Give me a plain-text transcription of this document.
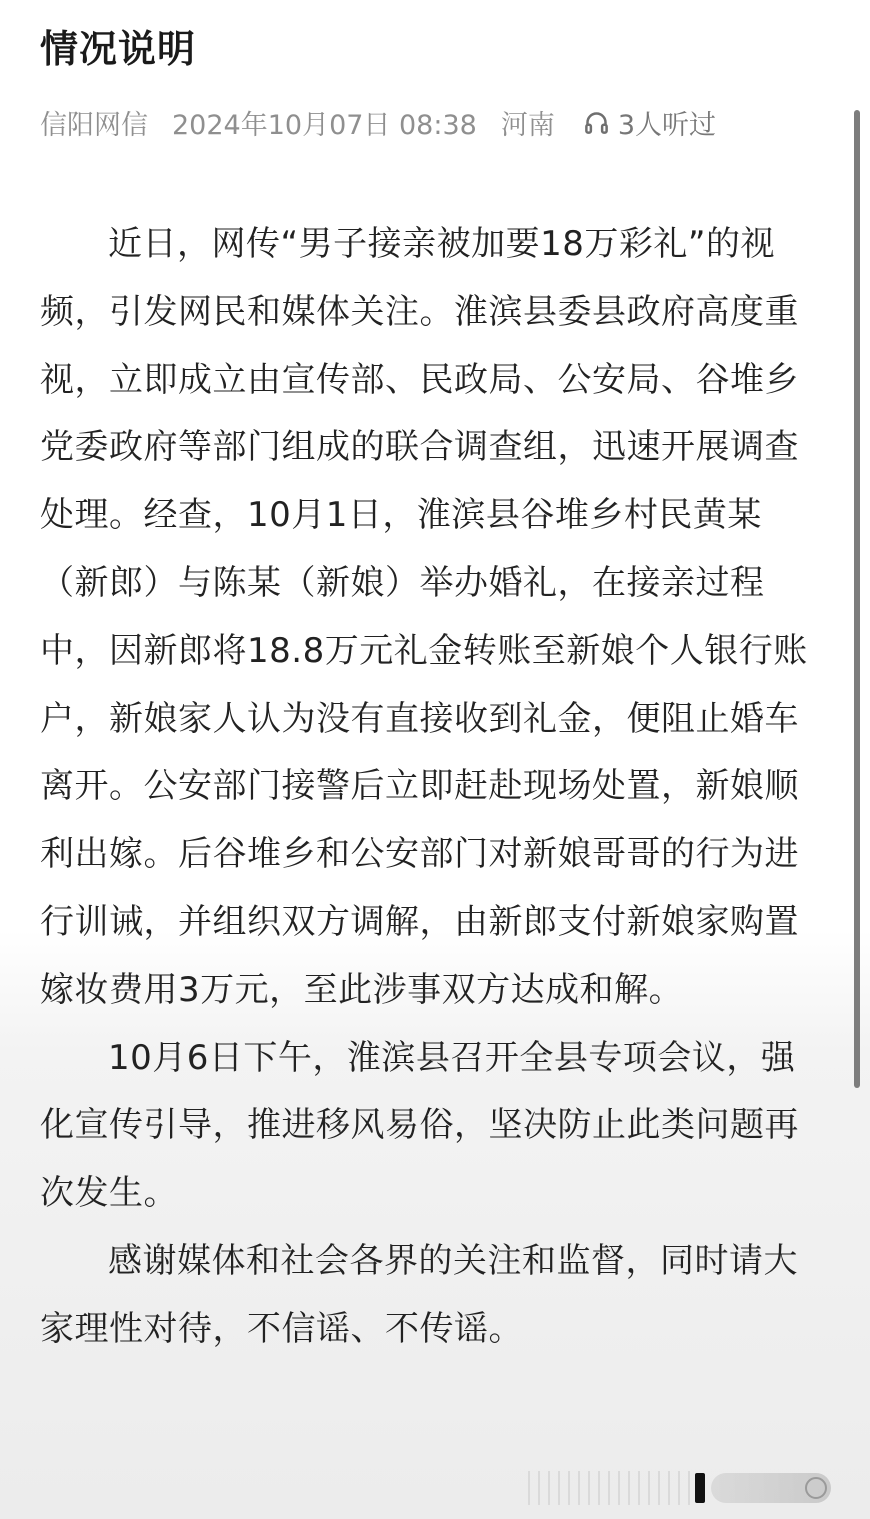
情况说明
信阳网信 2024年10月07日 08:38 河南 3人听过

近日，网传“男子接亲被加要18万彩礼”的视频，引发网民和媒体关注。淮滨县委县政府高度重视，立即成立由宣传部、民政局、公安局、谷堆乡党委政府等部门组成的联合调查组，迅速开展调查处理。经查，10月1日，淮滨县谷堆乡村民黄某（新郎）与陈某（新娘）举办婚礼，在接亲过程中，因新郎将18.8万元礼金转账至新娘个人银行账户，新娘家人认为没有直接收到礼金，便阻止婚车离开。公安部门接警后立即赶赴现场处置，新娘顺利出嫁。后谷堆乡和公安部门对新娘哥哥的行为进行训诫，并组织双方调解，由新郎支付新娘家购置嫁妆费用3万元，至此涉事双方达成和解。

10月6日下午，淮滨县召开全县专项会议，强化宣传引导，推进移风易俗，坚决防止此类问题再次发生。

感谢媒体和社会各界的关注和监督，同时请大家理性对待，不信谣、不传谣。
